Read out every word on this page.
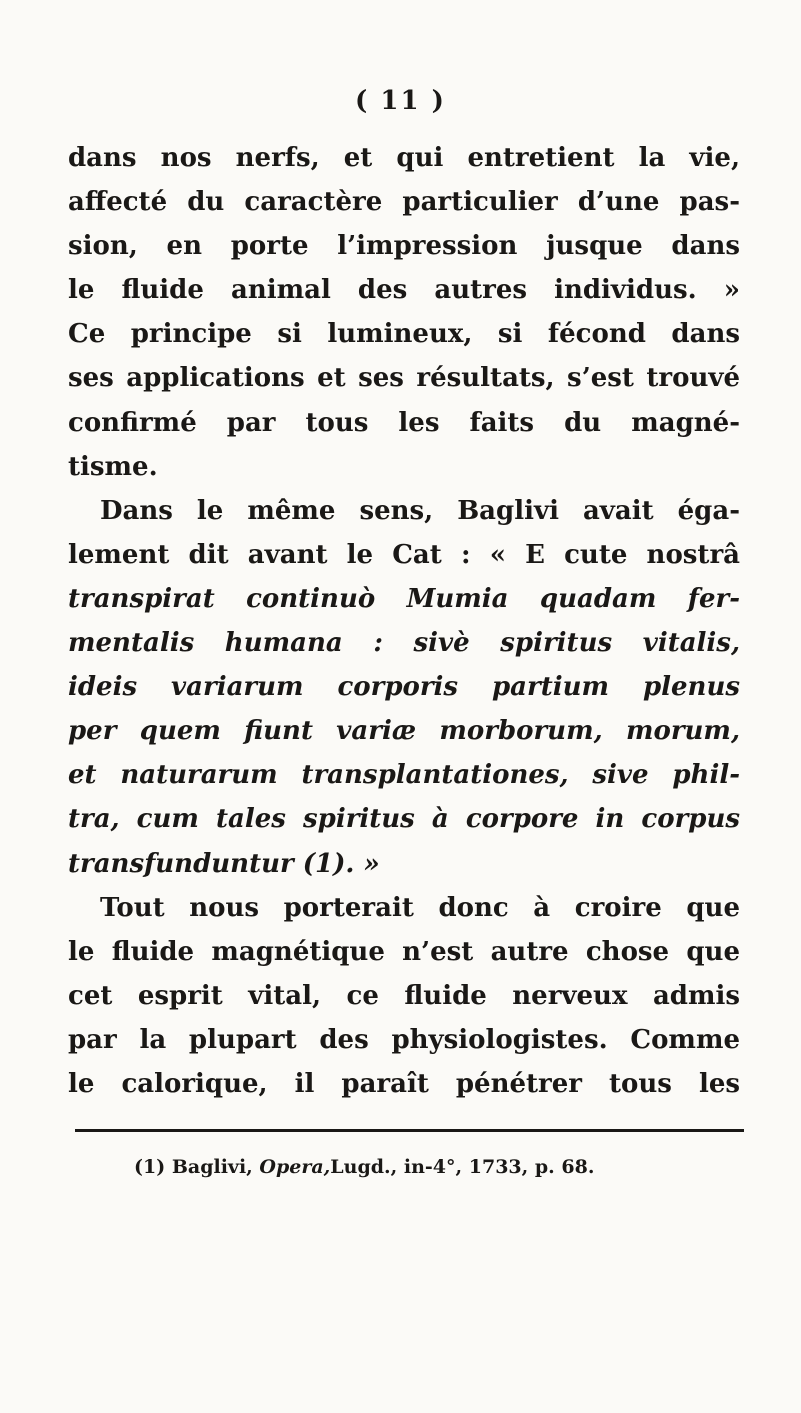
( 11 )
dans nos nerfs, et qui entretient la vie,
affecté du caractère particulier d’une pas-
sion, en porte l’impression jusque dans
le fluide animal des autres individus. »
Ce principe si lumineux, si fécond dans
ses applications et ses résultats, s’est trouvé
confirmé par tous les faits du magné-
tisme.
Dans le même sens, Baglivi avait éga-
lement dit avant le Cat : « E cute nostrâ
transpirat continuò Mumia quadam fer-
mentalis humana : sivè spiritus vitalis,
ideis variarum corporis partium plenus
per quem fiunt variæ morborum, morum,
et naturarum transplantationes, sive phil-
tra, cum tales spiritus à corpore in corpus
transfunduntur (1). »
Tout nous porterait donc à croire que
le fluide magnétique n’est autre chose que
cet esprit vital, ce fluide nerveux admis
par la plupart des physiologistes. Comme
le calorique, il paraît pénétrer tous les
(1) Baglivi, Opera,Lugd., in-4°, 1733, p. 68.
